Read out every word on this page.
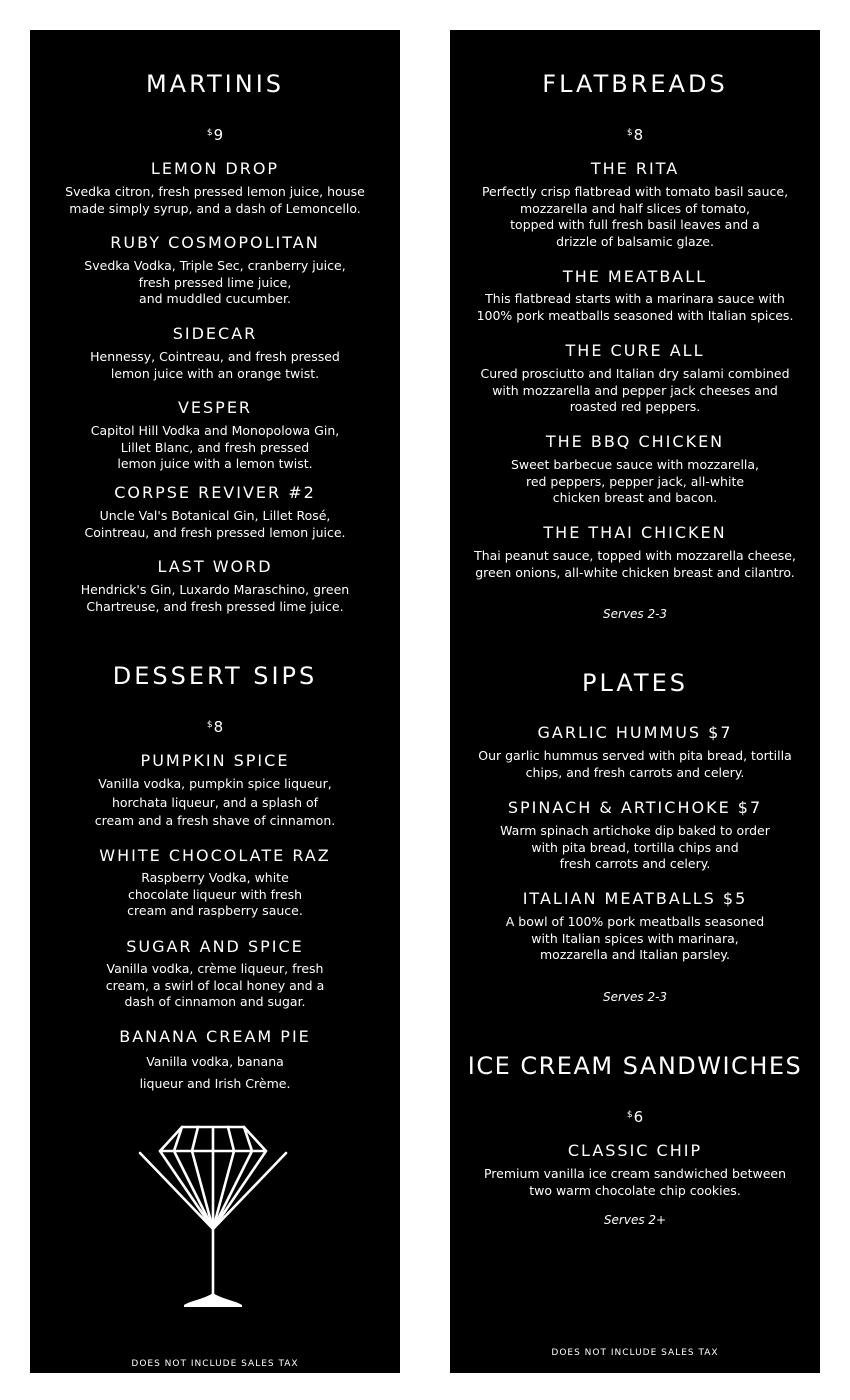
MARTINIS
$9
LEMON DROP
Svedka citron, fresh pressed lemon juice, house
made simply syrup, and a dash of Lemoncello.
RUBY COSMOPOLITAN
Svedka Vodka, Triple Sec, cranberry juice,
fresh pressed lime juice,
and muddled cucumber.
SIDECAR
Hennessy, Cointreau, and fresh pressed
lemon juice with an orange twist.
VESPER
Capitol Hill Vodka and Monopolowa Gin,
Lillet Blanc, and fresh pressed
lemon juice with a lemon twist.
CORPSE REVIVER #2
Uncle Val's Botanical Gin, Lillet Rosé,
Cointreau, and fresh pressed lemon juice.
LAST WORD
Hendrick's Gin, Luxardo Maraschino, green
Chartreuse, and fresh pressed lime juice.
DESSERT SIPS
$8
PUMPKIN SPICE
Vanilla vodka, pumpkin spice liqueur,
horchata liqueur, and a splash of
cream and a fresh shave of cinnamon.
WHITE CHOCOLATE RAZ
Raspberry Vodka, white
chocolate liqueur with fresh
cream and raspberry sauce.
SUGAR AND SPICE
Vanilla vodka, crème liqueur, fresh
cream, a swirl of local honey and a
dash of cinnamon and sugar.
BANANA CREAM PIE
Vanilla vodka, banana
liqueur and Irish Crème.
DOES NOT INCLUDE SALES TAX
FLATBREADS
$8
THE RITA
Perfectly crisp flatbread with tomato basil sauce,
mozzarella and half slices of tomato,
topped with full fresh basil leaves and a
drizzle of balsamic glaze.
THE MEATBALL
This flatbread starts with a marinara sauce with
100% pork meatballs seasoned with Italian spices.
THE CURE ALL
Cured prosciutto and Italian dry salami combined
with mozzarella and pepper jack cheeses and
roasted red peppers.
THE BBQ CHICKEN
Sweet barbecue sauce with mozzarella,
red peppers, pepper jack, all-white
chicken breast and bacon.
THE THAI CHICKEN
Thai peanut sauce, topped with mozzarella cheese,
green onions, all-white chicken breast and cilantro.
Serves 2-3
PLATES
GARLIC HUMMUS $7
Our garlic hummus served with pita bread, tortilla
chips, and fresh carrots and celery.
SPINACH & ARTICHOKE $7
Warm spinach artichoke dip baked to order
with pita bread, tortilla chips and
fresh carrots and celery.
ITALIAN MEATBALLS $5
A bowl of 100% pork meatballs seasoned
with Italian spices with marinara,
mozzarella and Italian parsley.
Serves 2-3
ICE CREAM SANDWICHES
$6
CLASSIC CHIP
Premium vanilla ice cream sandwiched between
two warm chocolate chip cookies.
Serves 2+
DOES NOT INCLUDE SALES TAX
